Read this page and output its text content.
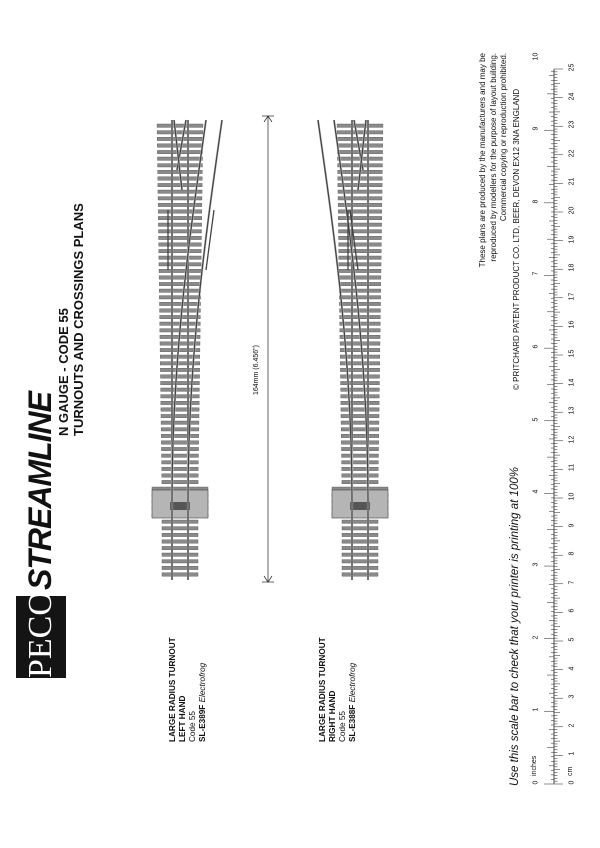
PECO
STREAMLINE
N GAUGE - CODE 55 TURNOUTS AND CROSSINGS PLANS
LARGE RADIUS TURNOUT LEFT HAND Code 55 SL-E389F Electrofrog	LARGE RADIUS TURNOUT RIGHT HAND Code 55 SL-E388F Electrofrog
164mm (6.456")
These plans are produced by the manufacturers and may be reproduced by modellers for the purpose of layout building. Commercial copying or reproduction prohibited. © PRITCHARD PATENT PRODUCT CO. LTD, BEER, DEVON EX12 3NA ENGLAND
Use this scale bar to check that your printer is printing at 100%	0
1
2
3
4
5
6
7
8
9
10
11
12
13
14
15
16
17
18
19
20
21
22
23
24
25
0
1
2
3
4
5
6
7
8
9
10
inches	cm
